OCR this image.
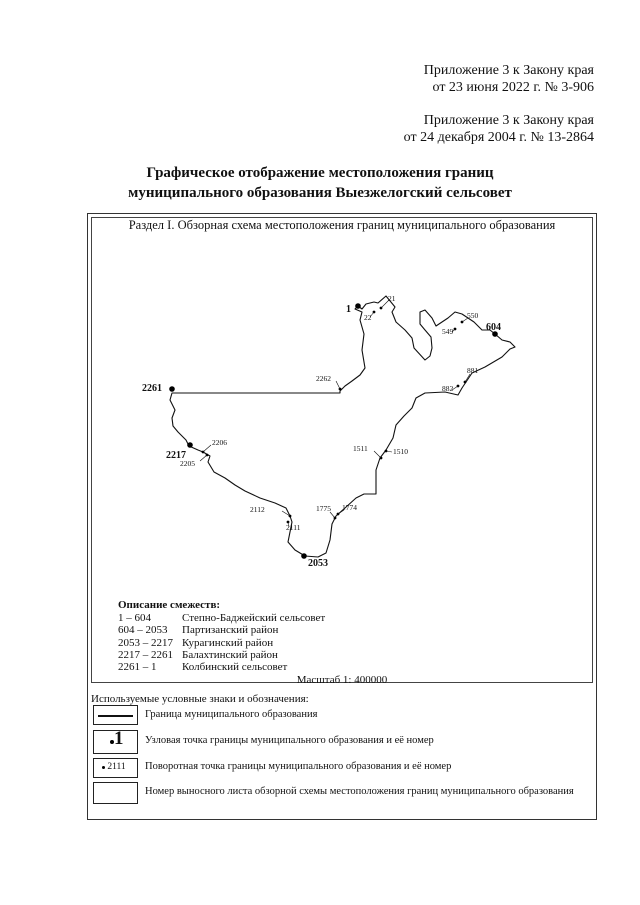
Приложение 3 к Закону края
от 23 июня 2022 г. № 3-906
Приложение 3 к Закону края
от 24 декабря 2004 г. № 13-2864
Графическое отображение местоположения границ
муниципального образования Выезжелогский сельсовет
Раздел I. Обзорная схема местоположения границ муниципального образования
1
604
2053
2217
2261
21
22	550
549
881
882
1510
1511
1774
1775
2111
2112
2205
2206
2262
Описание смежеств:
1 – 604	Степно-Баджейский сельсовет
604 – 2053 Партизанский район
2053 – 2217 Курагинский район
2217 – 2261 Балахтинский район
2261 – 1 Колбинский сельсовет
Масштаб 1: 400000
Используемые условные знаки и обозначения:
Граница муниципального образования
1 Узловая точка границы муниципального образования и её номер
2111 Поворотная точка границы муниципального образования и её номер
Номер выносного листа обзорной схемы местоположения границ муниципального образования
